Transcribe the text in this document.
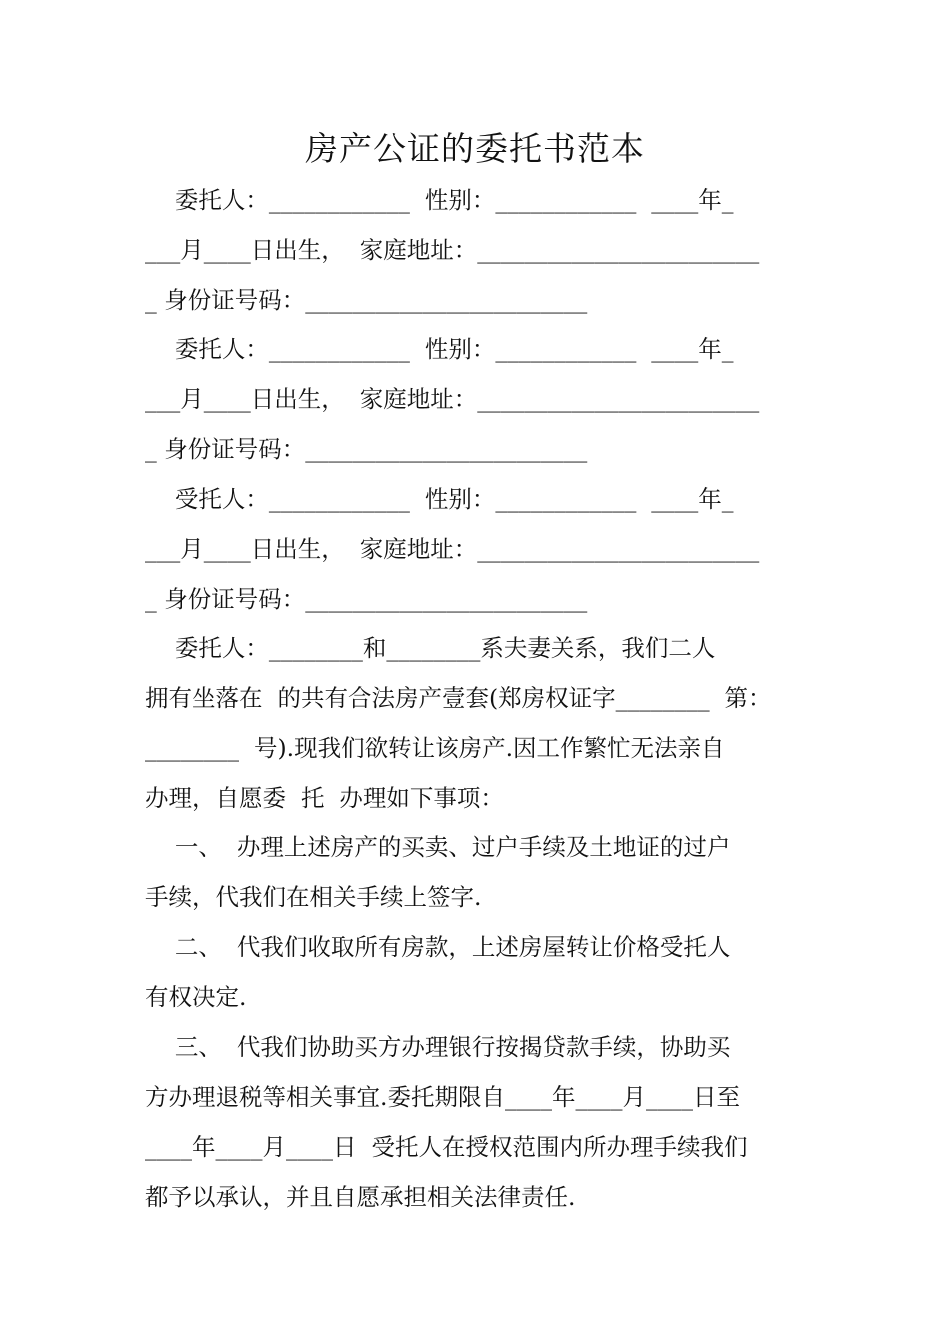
房产公证的委托书范本
委托人：____________  性别：____________  ____年_
___月____日出生，  家庭地址：________________________
_ 身份证号码：________________________
委托人：____________  性别：____________  ____年_
___月____日出生，  家庭地址：________________________
_ 身份证号码：________________________
受托人：____________  性别：____________  ____年_
___月____日出生，  家庭地址：________________________
_ 身份证号码：________________________
委托人：________和________系夫妻关系，我们二人
拥有坐落在  的共有合法房产壹套(郑房权证字________  第：
________  号).现我们欲转让该房产.因工作繁忙无法亲自
办理，自愿委  托  办理如下事项：
一、  办理上述房产的买卖、过户手续及土地证的过户
手续，代我们在相关手续上签字.
二、  代我们收取所有房款，上述房屋转让价格受托人
有权决定.
三、  代我们协助买方办理银行按揭贷款手续，协助买
方办理退税等相关事宜.委托期限自____年____月____日至
____年____月____日  受托人在授权范围内所办理手续我们
都予以承认，并且自愿承担相关法律责任.
